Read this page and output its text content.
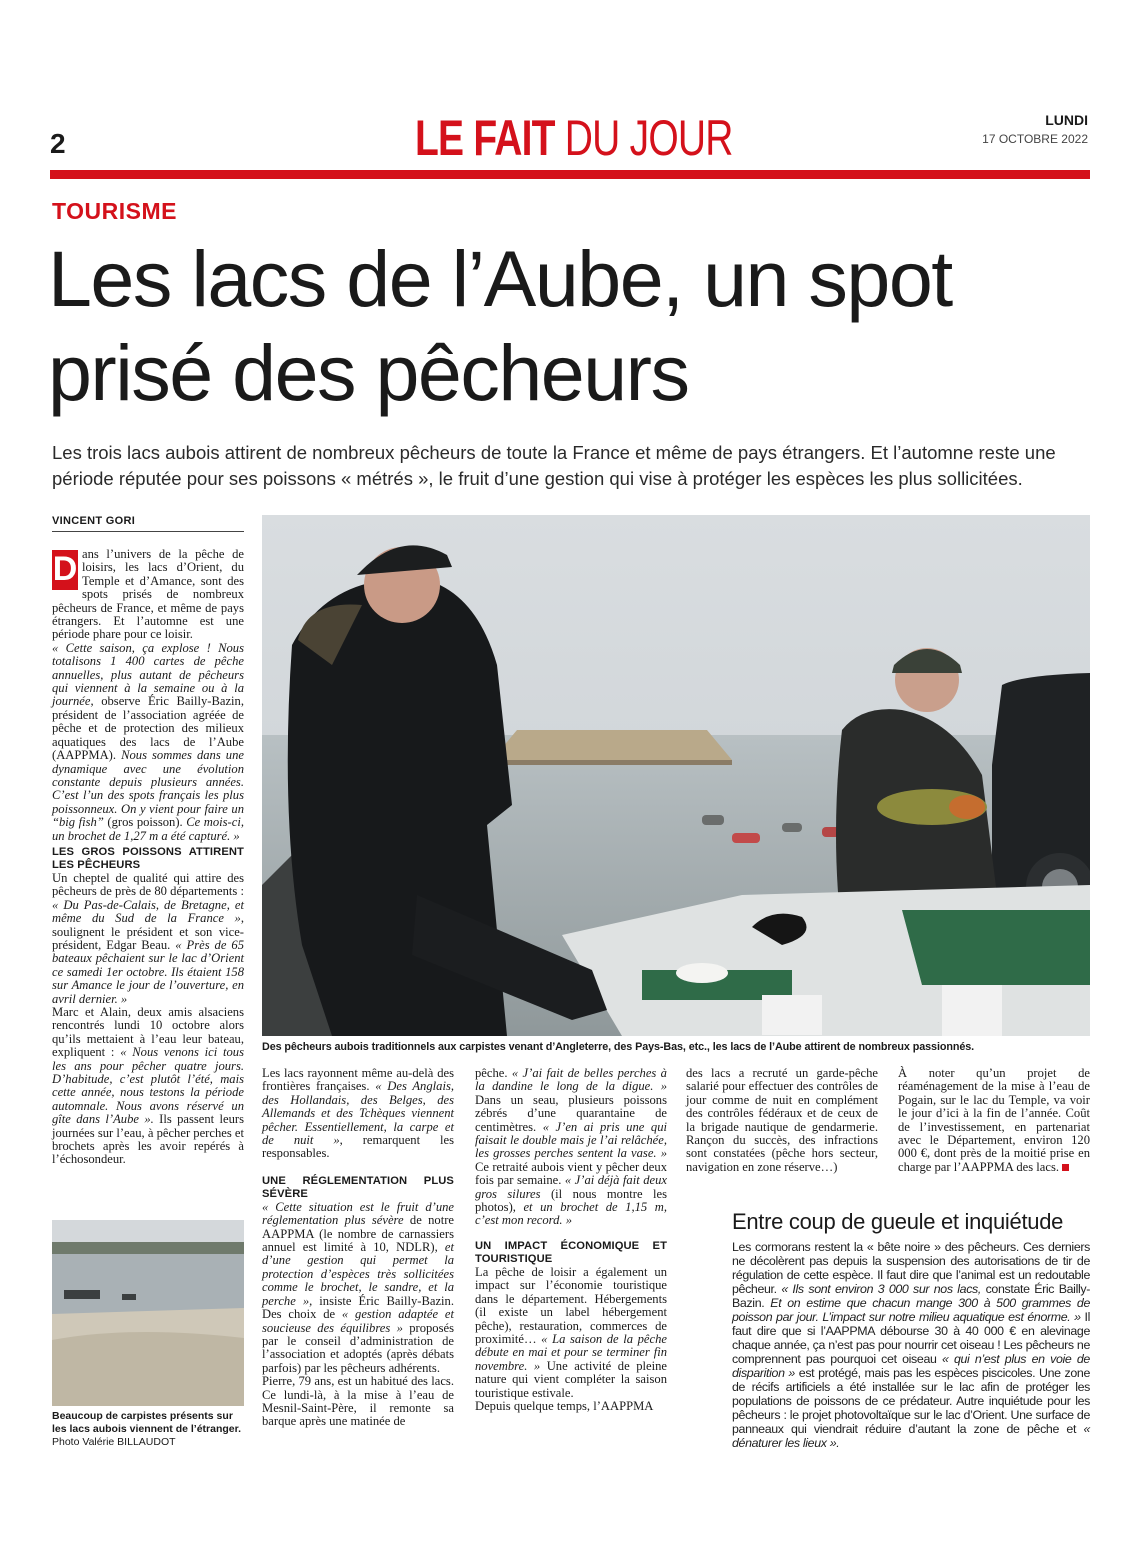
2	LE FAIT DU JOUR	LUNDI
17 OCTOBRE 2022
TOURISME
Les lacs de l’Aube, un spot prisé des pêcheurs
Les trois lacs aubois attirent de nombreux pêcheurs de toute la France et même de pays étrangers. Et l’automne reste une période réputée pour ses poissons « métrés », le fruit d’une gestion qui vise à protéger les espèces les plus sollicitées.
VINCENT GORI

D ans l’univers de la pêche de loisirs, les lacs d’Orient, du Temple et d’Amance, sont des spots prisés de nombreux pêcheurs de France, et même de pays étrangers. Et l’automne est une période phare pour ce loisir.

« Cette saison, ça explose ! Nous totalisons 1 400 cartes de pêche annuelles, plus autant de pêcheurs qui viennent à la semaine ou à la journée, observe Éric Bailly-Bazin, président de l’association agréée de pêche et de protection des milieux aquatiques des lacs de l’Aube (AAPPMA). Nous sommes dans une dynamique avec une évolution constante depuis plusieurs années. C’est l’un des spots français les plus poissonneux. On y vient pour faire un “big fish” (gros poisson). Ce mois-ci, un brochet de 1,27 m a été capturé. »

LES GROS POISSONS ATTIRENT LES PÊCHEURS

Un cheptel de qualité qui attire des pêcheurs de près de 80 départements : « Du Pas-de-Calais, de Bretagne, et même du Sud de la France », soulignent le président et son vice-président, Edgar Beau. « Près de 65 bateaux pêchaient sur le lac d’Orient ce samedi 1er octobre. Ils étaient 158 sur Amance le jour de l’ouverture, en avril dernier. »

Marc et Alain, deux amis alsaciens rencontrés lundi 10 octobre alors qu’ils mettaient à l’eau leur bateau, expliquent : « Nous venons ici tous les ans pour pêcher quatre jours. D’habitude, c’est plutôt l’été, mais cette année, nous testons la période automnale. Nous avons réservé un gîte dans l’Aube ». Ils passent leurs journées sur l’eau, à pêcher perches et brochets après les avoir repérés à l’échosondeur.

Des pêcheurs aubois traditionnels aux carpistes venant d’Angleterre, des Pays-Bas, etc., les lacs de l’Aube attirent de nombreux passionnés.
Beaucoup de carpistes présents sur les lacs aubois viennent de l’étranger. Photo Valérie BILLAUDOT

Les lacs rayonnent même au-delà des frontières françaises. « Des Anglais, des Hollandais, des Belges, des Allemands et des Tchèques viennent pêcher. Essentiellement, la carpe et de nuit », remarquent les responsables.

UNE RÉGLEMENTATION PLUS SÉVÈRE

« Cette situation est le fruit d’une réglementation plus sévère de notre AAPPMA (le nombre de carnassiers annuel est limité à 10, NDLR), et d’une gestion qui permet la protection d’espèces très sollicitées comme le brochet, le sandre, et la perche », insiste Éric Bailly-Bazin. Des choix de « gestion adaptée et soucieuse des équilibres » proposés par le conseil d’administration de l’association et adoptés (après débats parfois) par les pêcheurs adhérents.

Pierre, 79 ans, est un habitué des lacs. Ce lundi-là, à la mise à l’eau de Mesnil-Saint-Père, il remonte sa barque après une matinée de

pêche. « J’ai fait de belles perches à la dandine le long de la digue. » Dans un seau, plusieurs poissons zébrés d’une quarantaine de centimètres. « J’en ai pris une qui faisait le double mais je l’ai relâchée, les grosses perches sentent la vase. » Ce retraité aubois vient y pêcher deux fois par semaine. « J’ai déjà fait deux gros silures (il nous montre les photos), et un brochet de 1,15 m, c’est mon record. »

UN IMPACT ÉCONOMIQUE ET TOURISTIQUE

La pêche de loisir a également un impact sur l’économie touristique dans le département. Hébergements (il existe un label hébergement pêche), restauration, commerces de proximité… « La saison de la pêche débute en mai et pour se terminer fin novembre. » Une activité de pleine nature qui vient compléter la saison touristique estivale.

Depuis quelque temps, l’AAPPMA

des lacs a recruté un garde-pêche salarié pour effectuer des contrôles de jour comme de nuit en complément des contrôles fédéraux et de ceux de la brigade nautique de gendarmerie. Rançon du succès, des infractions sont constatées (pêche hors secteur, navigation en zone réserve…)

À noter qu’un projet de réaménagement de la mise à l’eau de Pogain, sur le lac du Temple, va voir le jour d’ici à la fin de l’année. Coût de l’investissement, en partenariat avec le Département, environ 120 000 €, dont près de la moitié prise en charge par l’AAPPMA des lacs.

Entre coup de gueule et inquiétude

Les cormorans restent la « bête noire » des pêcheurs. Ces derniers ne décolèrent pas depuis la suspension des autorisations de tir de régulation de cette espèce. Il faut dire que l’animal est un redoutable pêcheur. « Ils sont environ 3 000 sur nos lacs, constate Éric Bailly-Bazin. Et on estime que chacun mange 300 à 500 grammes de poisson par jour. L’impact sur notre milieu aquatique est énorme. » Il faut dire que si l’AAPPMA débourse 30 à 40 000 € en alevinage chaque année, ça n’est pas pour nourrir cet oiseau ! Les pêcheurs ne comprennent pas pourquoi cet oiseau « qui n’est plus en voie de disparition » est protégé, mais pas les espèces piscicoles. Une zone de récifs artificiels a été installée sur le lac afin de protéger les populations de poissons de ce prédateur. Autre inquiétude pour les pêcheurs : le projet photovoltaïque sur le lac d’Orient. Une surface de panneaux qui viendrait réduire d’autant la zone de pêche et « dénaturer les lieux ».
